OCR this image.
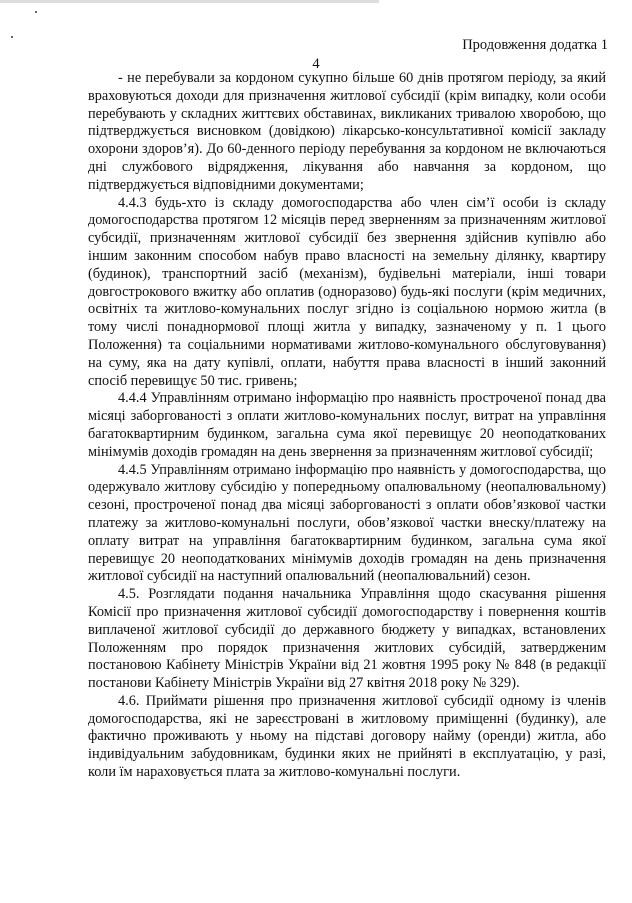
Продовження додатка 1
4

- не перебували за кордоном сукупно більше 60 днів протягом періоду, за який враховуються доходи для призначення житлової субсидії (крім випадку, коли особи перебувають у складних життєвих обставинах, викликаних тривалою хворобою, що підтверджується висновком (довідкою) лікарсько-консультативної комісії закладу охорони здоров’я). До 60-денного періоду перебування за кордоном не включаються дні службового відрядження, лікування або навчання за кордоном, що підтверджується відповідними документами;

4.4.3 будь-хто із складу домогосподарства або член сім’ї особи із складу домогосподарства протягом 12 місяців перед зверненням за призначенням житлової субсидії, призначенням житлової субсидії без звернення здійснив купівлю або іншим законним способом набув право власності на земельну ділянку, квартиру (будинок), транспортний засіб (механізм), будівельні матеріали, інші товари довгострокового вжитку або оплатив (одноразово) будь-які послуги (крім медичних, освітніх та житлово-комунальних послуг згідно із соціальною нормою житла (в тому числі понаднормової площі житла у випадку, зазначеному у п. 1 цього Положення) та соціальними нормативами житлово-комунального обслуговування) на суму, яка на дату купівлі, оплати, набуття права власності в інший законний спосіб перевищує 50 тис. гривень;

4.4.4 Управлінням отримано інформацію про наявність простроченої понад два місяці заборгованості з оплати житлово-комунальних послуг, витрат на управління багатоквартирним будинком, загальна сума якої перевищує 20 неоподаткованих мінімумів доходів громадян на день звернення за призначенням житлової субсидії;

4.4.5 Управлінням отримано інформацію про наявність у домогосподарства, що одержувало житлову субсидію у попередньому опалювальному (неопалювальному) сезоні, простроченої понад два місяці заборгованості з оплати обов’язкової частки платежу за житлово-комунальні послуги, обов’язкової частки внеску/платежу на оплату витрат на управління багатоквартирним будинком, загальна сума якої перевищує 20 неоподаткованих мінімумів доходів громадян на день призначення житлової субсидії на наступний опалювальний (неопалювальний) сезон.

4.5. Розглядати подання начальника Управління щодо скасування рішення Комісії про призначення житлової субсидії домогосподарству і повернення коштів виплаченої житлової субсидії до державного бюджету у випадках, встановлених Положенням про порядок призначення житлових субсидій, затвердженим постановою Кабінету Міністрів України від 21 жовтня 1995 року № 848 (в редакції постанови Кабінету Міністрів України від 27 квітня 2018 року № 329).

4.6. Приймати рішення про призначення житлової субсидії одному із членів домогосподарства, які не зареєстровані в житловому приміщенні (будинку), але фактично проживають у ньому на підставі договору найму (оренди) житла, або індивідуальним забудовникам, будинки яких не прийняті в експлуатацію, у разі, коли їм нараховується плата за житлово-комунальні послуги.
